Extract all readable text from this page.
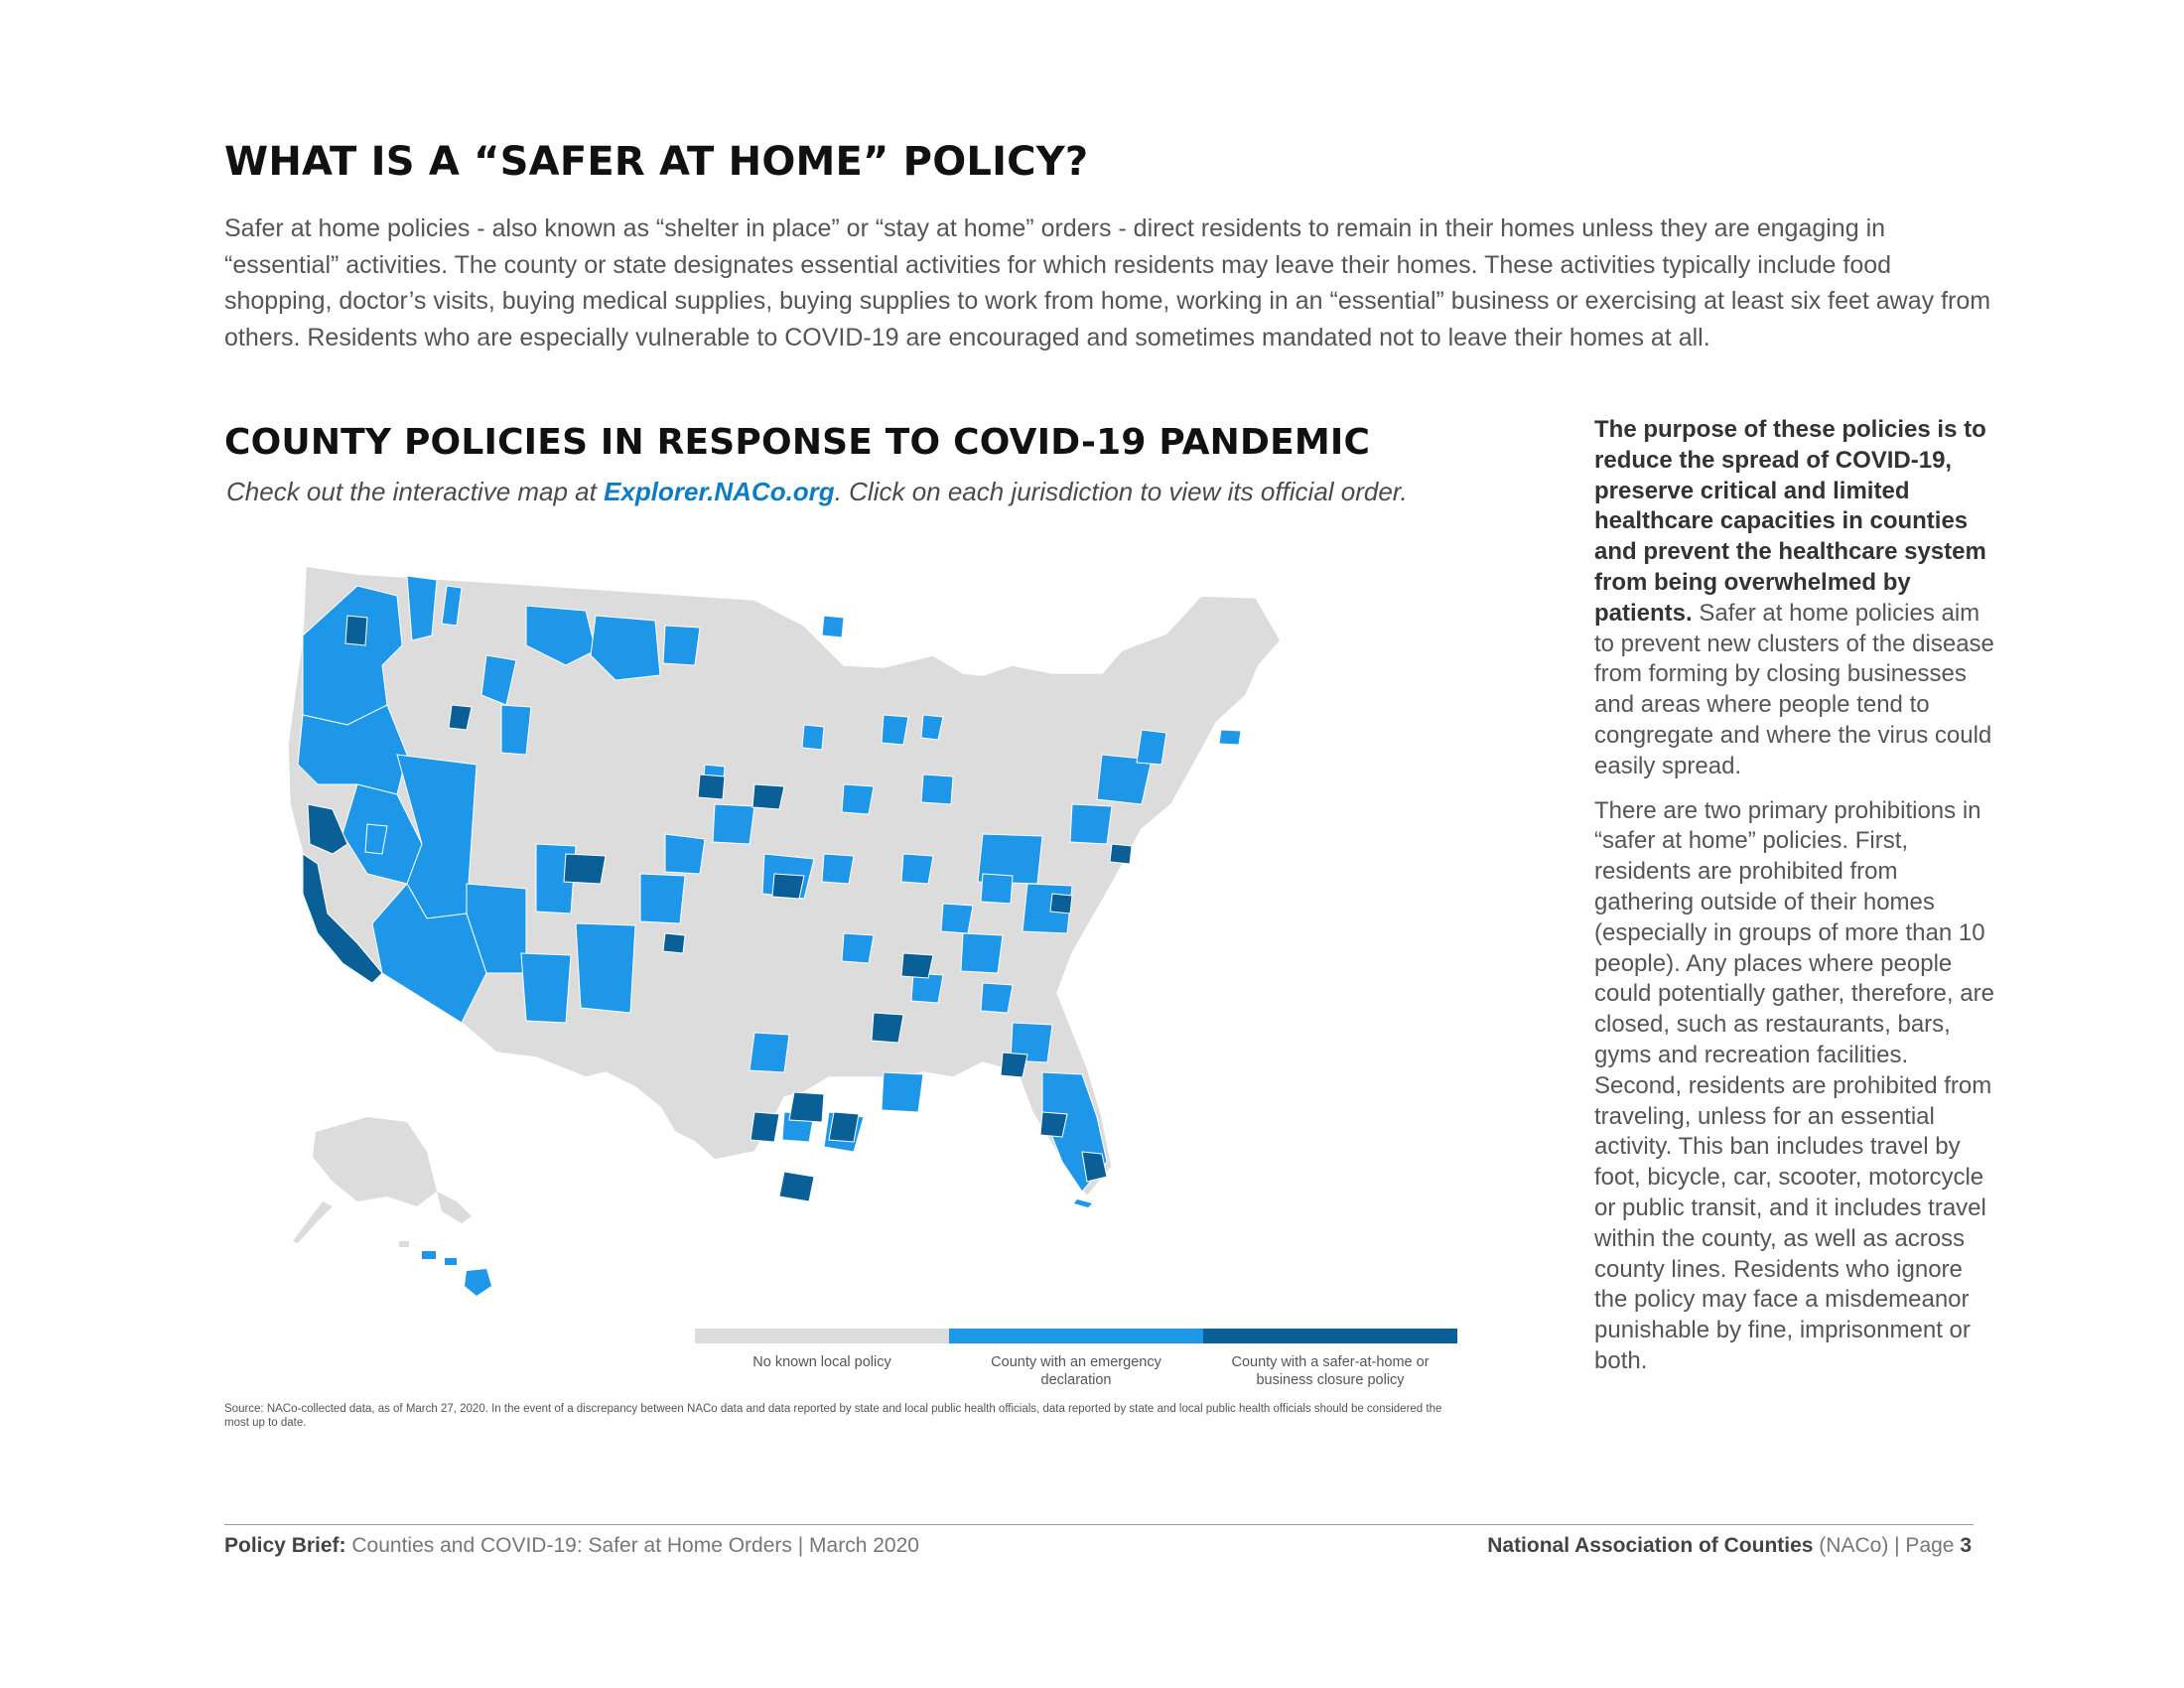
WHAT IS A “SAFER AT HOME” POLICY?

Safer at home policies - also known as “shelter in place” or “stay at home” orders - direct residents to remain in their homes unless they are engaging in “essential” activities. The county or state designates essential activities for which residents may leave their homes. These activities typically include food shopping, doctor’s visits, buying medical supplies, buying supplies to work from home, working in an “essential” business or exercising at least six feet away from others. Residents who are especially vulnerable to COVID-19 are encouraged and sometimes mandated not to leave their homes at all.

COUNTY POLICIES IN RESPONSE TO COVID-19 PANDEMIC

Check out the interactive map at Explorer.NACo.org. Click on each jurisdiction to view its official order.

No known local policy	County with an emergency declaration
County with a safer-at-home or business closure policy

Source: NACo-collected data, as of March 27, 2020. In the event of a discrepancy between NACo data and data reported by state and local public health officials, data reported by state and local public health officials should be considered the most up to date.

The purpose of these policies is to reduce the spread of COVID-19, preserve critical and limited healthcare capacities in counties and prevent the healthcare system from being overwhelmed by patients. Safer at home policies aim to prevent new clusters of the disease from forming by closing businesses and areas where people tend to congregate and where the virus could easily spread.

There are two primary prohibitions in “safer at home” policies. First, residents are prohibited from gathering outside of their homes (especially in groups of more than 10 people). Any places where people could potentially gather, therefore, are closed, such as restaurants, bars, gyms and recreation facilities. Second, residents are prohibited from traveling, unless for an essential activity. This ban includes travel by foot, bicycle, car, scooter, motorcycle or public transit, and it includes travel within the county, as well as across county lines. Residents who ignore the policy may face a misdemeanor punishable by fine, imprisonment or both.

Policy Brief: Counties and COVID-19: Safer at Home Orders | March 2020	National Association of Counties (NACo) | Page 3
